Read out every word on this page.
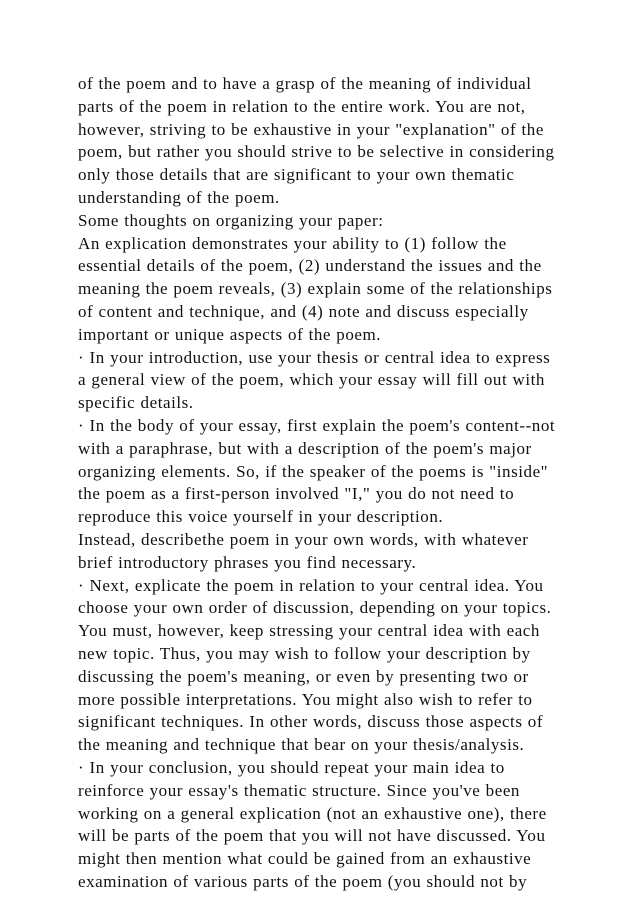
of the poem and to have a grasp of the meaning of individual
parts of the poem in relation to the entire work. You are not,
however, striving to be exhaustive in your "explanation" of the
poem, but rather you should strive to be selective in considering
only those details that are significant to your own thematic
understanding of the poem.
Some thoughts on organizing your paper:
An explication demonstrates your ability to (1) follow the
essential details of the poem, (2) understand the issues and the
meaning the poem reveals, (3) explain some of the relationships
of content and technique, and (4) note and discuss especially
important or unique aspects of the poem.
· In your introduction, use your thesis or central idea to express
a general view of the poem, which your essay will fill out with
specific details.
· In the body of your essay, first explain the poem's content--not
with a paraphrase, but with a description of the poem's major
organizing elements. So, if the speaker of the poems is "inside"
the poem as a first-person involved "I," you do not need to
reproduce this voice yourself in your description.
Instead, describethe poem in your own words, with whatever
brief introductory phrases you find necessary.
· Next, explicate the poem in relation to your central idea. You
choose your own order of discussion, depending on your topics.
You must, however, keep stressing your central idea with each
new topic. Thus, you may wish to follow your description by
discussing the poem's meaning, or even by presenting two or
more possible interpretations. You might also wish to refer to
significant techniques. In other words, discuss those aspects of
the meaning and technique that bear on your thesis/analysis.
· In your conclusion, you should repeat your main idea to
reinforce your essay's thematic structure. Since you've been
working on a general explication (not an exhaustive one), there
will be parts of the poem that you will not have discussed. You
might then mention what could be gained from an exhaustive
examination of various parts of the poem (you should not by
